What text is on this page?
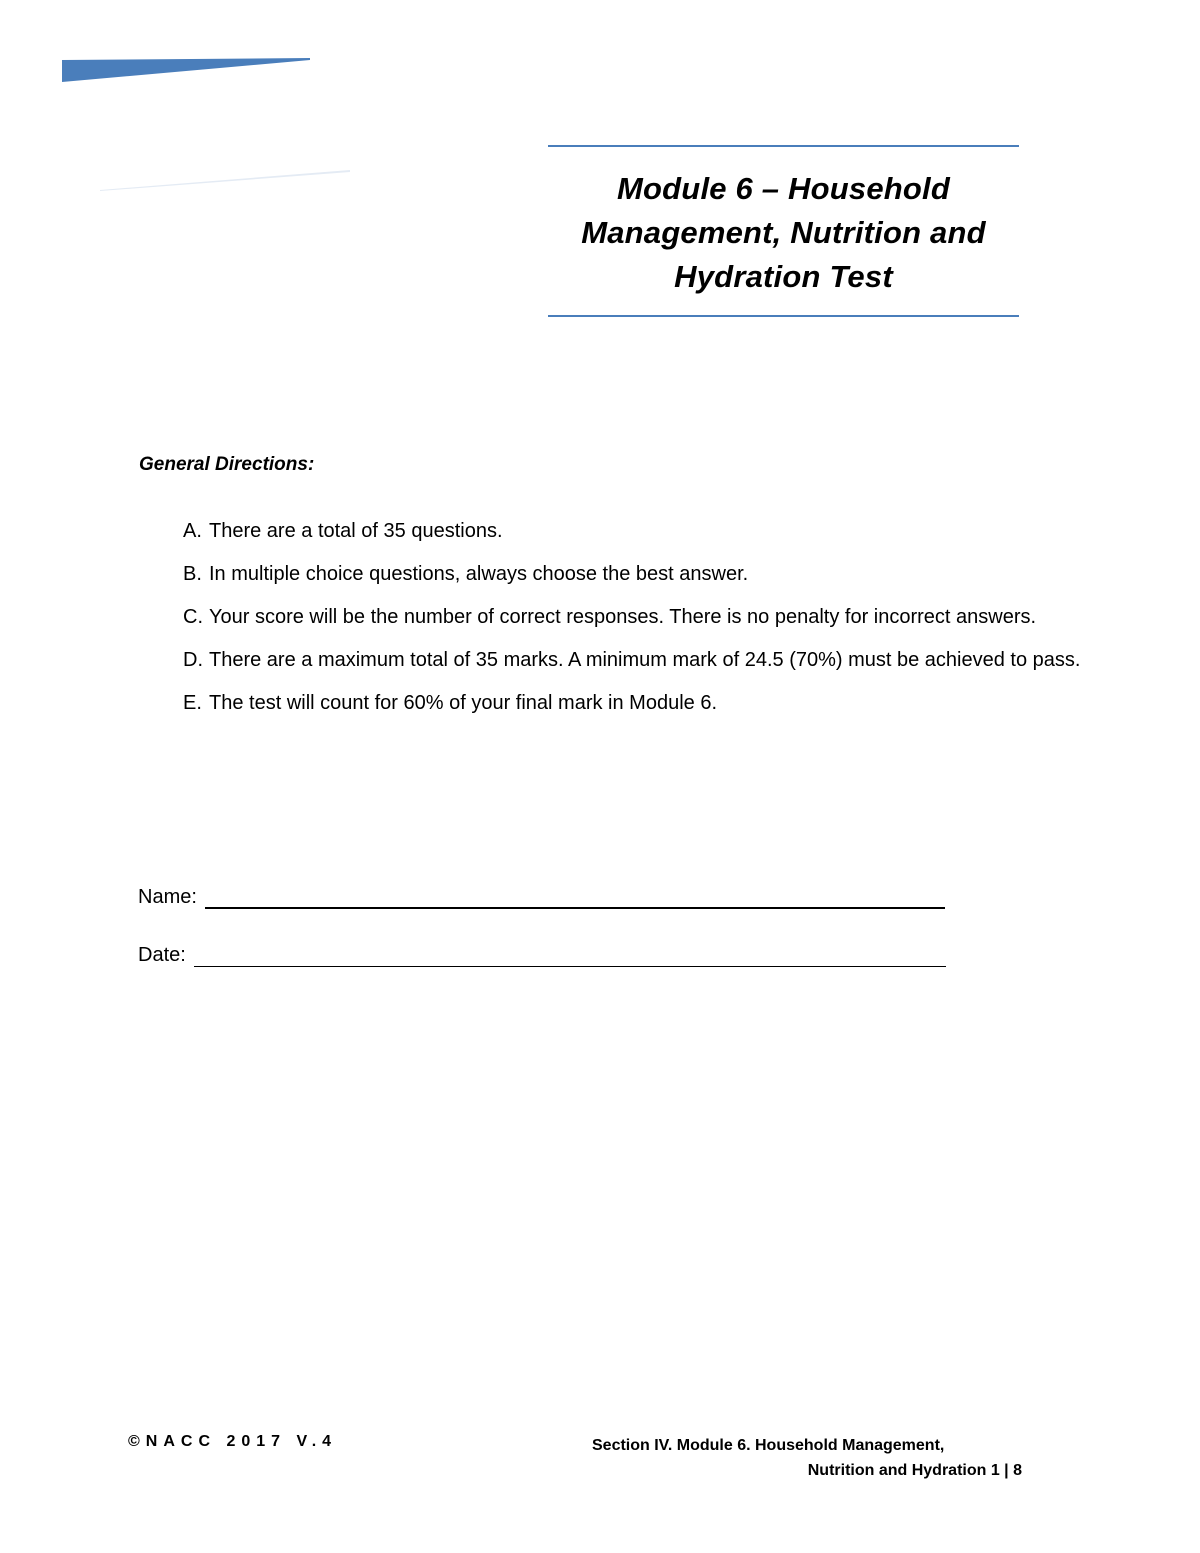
Module 6 – Household
Management, Nutrition and
Hydration Test
General Directions:
A. There are a total of 35 questions.
B. In multiple choice questions, always choose the best answer.
C. Your score will be the number of correct responses. There is no penalty for incorrect answers.
D. There are a maximum total of 35 marks. A minimum mark of 24.5 (70%) must be achieved to pass.
E. The test will count for 60% of your final mark in Module 6.
Name:
Date:
©NACC 2017 V.4	Section IV. Module 6. Household Management,
Nutrition and Hydration 1 | 8
